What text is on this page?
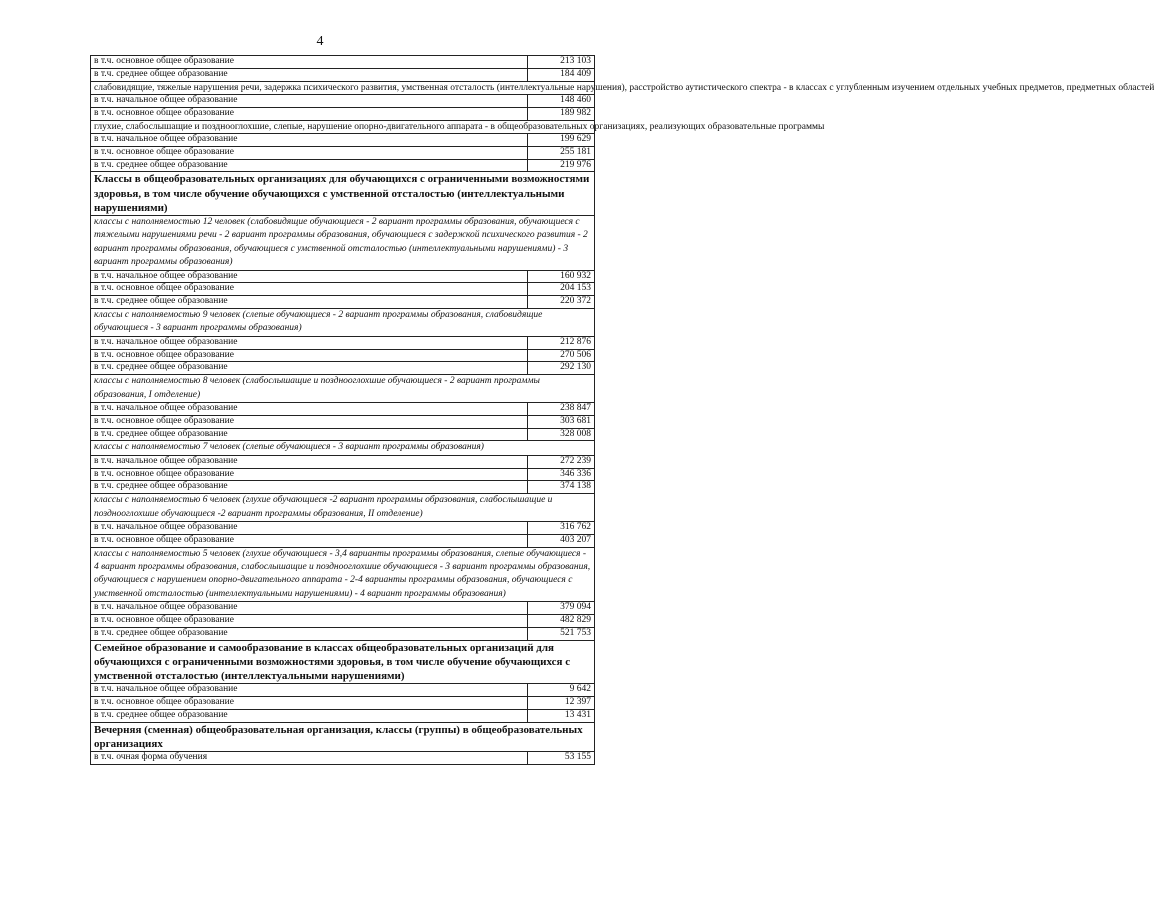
4
в т.ч. основное общее образование	213 103
в т.ч. среднее общее образование	184 409
слабовидящие, тяжелые нарушения речи, задержка психического развития, умственная отсталость (интеллектуальные нарушения), расстройство аутистического спектра - в классах с углубленным изучением отдельных учебных предметов, предметных областей	
в т.ч. начальное общее образование	148 460
в т.ч. основное общее образование	189 982
глухие, слабослышащие и позднооглохшие, слепые, нарушение опорно-двигательного аппарата - в общеобразовательных организациях, реализующих образовательные программы	
в т.ч. начальное общее образование	199 629
в т.ч. основное общее образование	255 181
в т.ч. среднее общее образование	219 976
Классы в общеобразовательных организациях для обучающихся с ограниченными возможностями здоровья, в том числе обучение обучающихся с умственной отсталостью (интеллектуальными нарушениями)	
классы с наполняемостью 12 человек (слабовидящие обучающиеся - 2 вариант программы образования, обучающиеся с тяжелыми нарушениями речи - 2 вариант программы образования, обучающиеся с задержкой психического развития - 2 вариант программы образования, обучающиеся с умственной отсталостью (интеллектуальными нарушениями) - 3 вариант программы образования)	
в т.ч. начальное общее образование	160 932
в т.ч. основное общее образование	204 153
в т.ч. среднее общее образование	220 372
классы с наполняемостью 9 человек (слепые обучающиеся - 2 вариант программы образования, слабовидящие обучающиеся - 3 вариант программы образования)	
в т.ч. начальное общее образование	212 876
в т.ч. основное общее образование	270 506
в т.ч. среднее общее образование	292 130
классы с наполняемостью 8 человек (слабослышащие и позднооглохшие обучающиеся - 2 вариант программы образования, I отделение)	
в т.ч. начальное общее образование	238 847
в т.ч. основное общее образование	303 681
в т.ч. среднее общее образование	328 008
классы с наполняемостью 7 человек (слепые обучающиеся - 3 вариант программы образования)	
в т.ч. начальное общее образование	272 239
в т.ч. основное общее образование	346 336
в т.ч. среднее общее образование	374 138
классы с наполняемостью 6 человек (глухие обучающиеся -2 вариант программы образования, слабослышащие и позднооглохшие обучающиеся -2 вариант программы образования, II отделение)	
в т.ч. начальное общее образование	316 762
в т.ч. основное общее образование	403 207
классы с наполняемостью 5 человек (глухие обучающиеся - 3,4 варианты программы образования, слепые обучающиеся - 4 вариант программы образования, слабослышащие и позднооглохшие обучающиеся - 3 вариант программы образования, обучающиеся с нарушением опорно-двигательного аппарата - 2-4 варианты программы образования, обучающиеся с умственной отсталостью (интеллектуальными нарушениями) - 4 вариант программы образования)	
в т.ч. начальное общее образование	379 094
в т.ч. основное общее образование	482 829
в т.ч. среднее общее образование	521 753
Семейное образование и самообразование в классах общеобразовательных организаций для обучающихся с ограниченными возможностями здоровья, в том числе обучение обучающихся с умственной отсталостью (интеллектуальными нарушениями)	
в т.ч. начальное общее образование	9 642
в т.ч. основное общее образование	12 397
в т.ч. среднее общее образование	13 431
Вечерняя (сменная) общеобразовательная организация, классы (группы) в общеобразовательных организациях	
в т.ч. очная форма обучения	53 155
